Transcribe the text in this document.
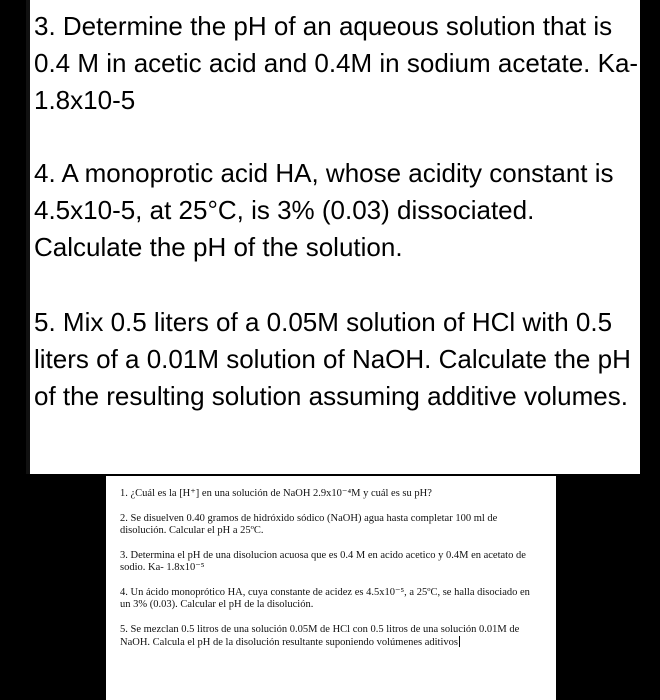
3. Determine the pH of an aqueous solution that is 0.4 M in acetic acid and 0.4M in sodium acetate. Ka- 1.8x10-5

4. A monoprotic acid HA, whose acidity constant is 4.5x10-5, at 25°C, is 3% (0.03) dissociated. Calculate the pH of the solution.

5. Mix 0.5 liters of a 0.05M solution of HCl with 0.5 liters of a 0.01M solution of NaOH. Calculate the pH of the resulting solution assuming additive volumes.

1. ¿Cuál es la [H⁺] en una solución de NaOH 2.9x10⁻⁴M y cuál es su pH?

2. Se disuelven 0.40 gramos de hidróxido sódico (NaOH) agua hasta completar 100 ml de disolución. Calcular el pH a 25ºC.

3. Determina el pH de una disolucion acuosa que es 0.4 M en acido acetico y 0.4M en acetato de sodio. Ka- 1.8x10⁻⁵

4. Un ácido monoprótico HA, cuya constante de acidez es 4.5x10⁻⁵, a 25ºC, se halla disociado en un 3% (0.03). Calcular el pH de la disolución.

5. Se mezclan 0.5 litros de una solución 0.05M de HCl con 0.5 litros de una solución 0.01M de NaOH. Calcula el pH de la disolución resultante suponiendo volúmenes aditivos
